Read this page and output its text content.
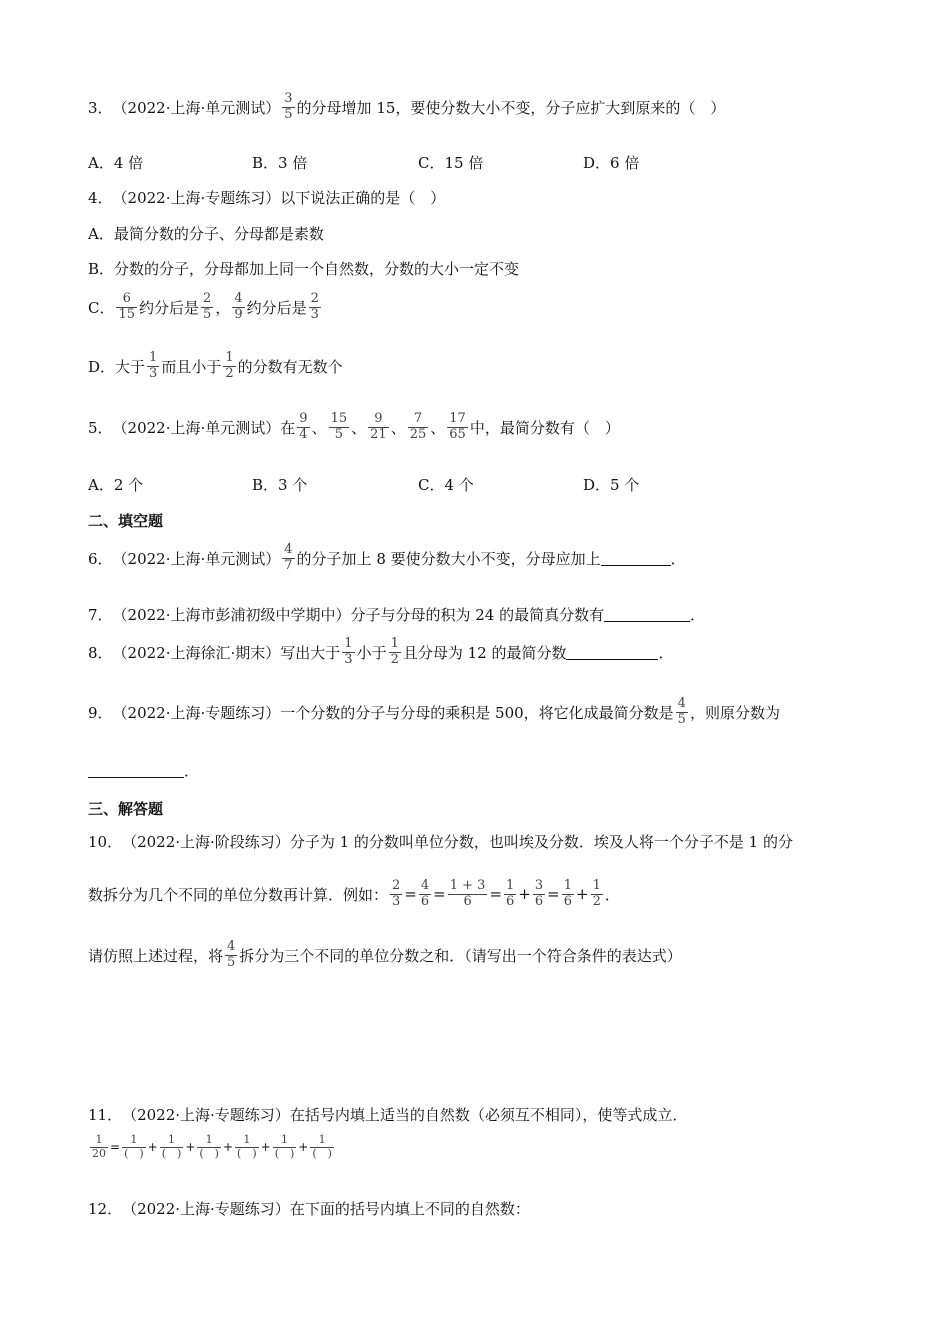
3． （2022·上海·单元测试） $\frac{3}{5}$ 的分母增加 15，要使分数大小不变，分子应扩大到原来的（　）
A．4 倍	B．3 倍	C．15 倍	D．6 倍
4． （2022·上海·专题练习） 以下说法正确的是（　）
A．最简分数的分子、分母都是素数
B．分数的分子，分母都加上同一个自然数，分数的大小一定不变
C． $\frac{6}{15}$ 约分后是 $\frac{2}{5}$ ， $\frac{4}{9}$ 约分后是 $\frac{2}{3}$
D．大于 $\frac{1}{3}$ 而且小于 $\frac{1}{2}$ 的分数有无数个
5． （2022·上海·单元测试） 在 $\frac{9}{4}$ 、 $\frac{15}{5}$ 、 $\frac{9}{21}$ 、 $\frac{7}{25}$ 、 $\frac{17}{65}$ 中，最简分数有（　）
A．2 个	B．3 个	C．4 个	D．5 个
二、填空题
6． （2022·上海·单元测试） $\frac{4}{7}$ 的分子加上 8 要使分数大小不变，分母应加上	．
7． （2022·上海市彭浦初级中学期中） 分子与分母的积为 24 的最简真分数有	．
8． （2022·上海徐汇·期末） 写出大于 $\frac{1}{3}$ 小于 $\frac{1}{2}$ 且分母为 12 的最简分数	．
9． （2022·上海·专题练习） 一个分数的分子与分母的乘积是 500，将它化成最简分数是 $\frac{4}{5}$ ，则原分数为
．
三、解答题
10． （2022·上海·阶段练习） 分子为 1 的分数叫单位分数，也叫埃及分数．埃及人将一个分子不是 1 的分
数拆分为几个不同的单位分数再计算．例如： $\frac{2}{3} = \frac{4}{6} = \frac{1 + 3}{6} = \frac{1}{6} + \frac{3}{6} = \frac{1}{6} + \frac{1}{2}$ ．
请仿照上述过程，将 $\frac{4}{5}$ 拆分为三个不同的单位分数之和．（请写出一个符合条件的表达式）
11． （2022·上海·专题练习） 在括号内填上适当的自然数（必须互不相同），使等式成立．
$\frac{1}{20} = \frac{1}{( )} + \frac{1}{( )} + \frac{1}{( )} + \frac{1}{( )} + \frac{1}{( )} + \frac{1}{( )}$
12． （2022·上海·专题练习） 在下面的括号内填上不同的自然数：
